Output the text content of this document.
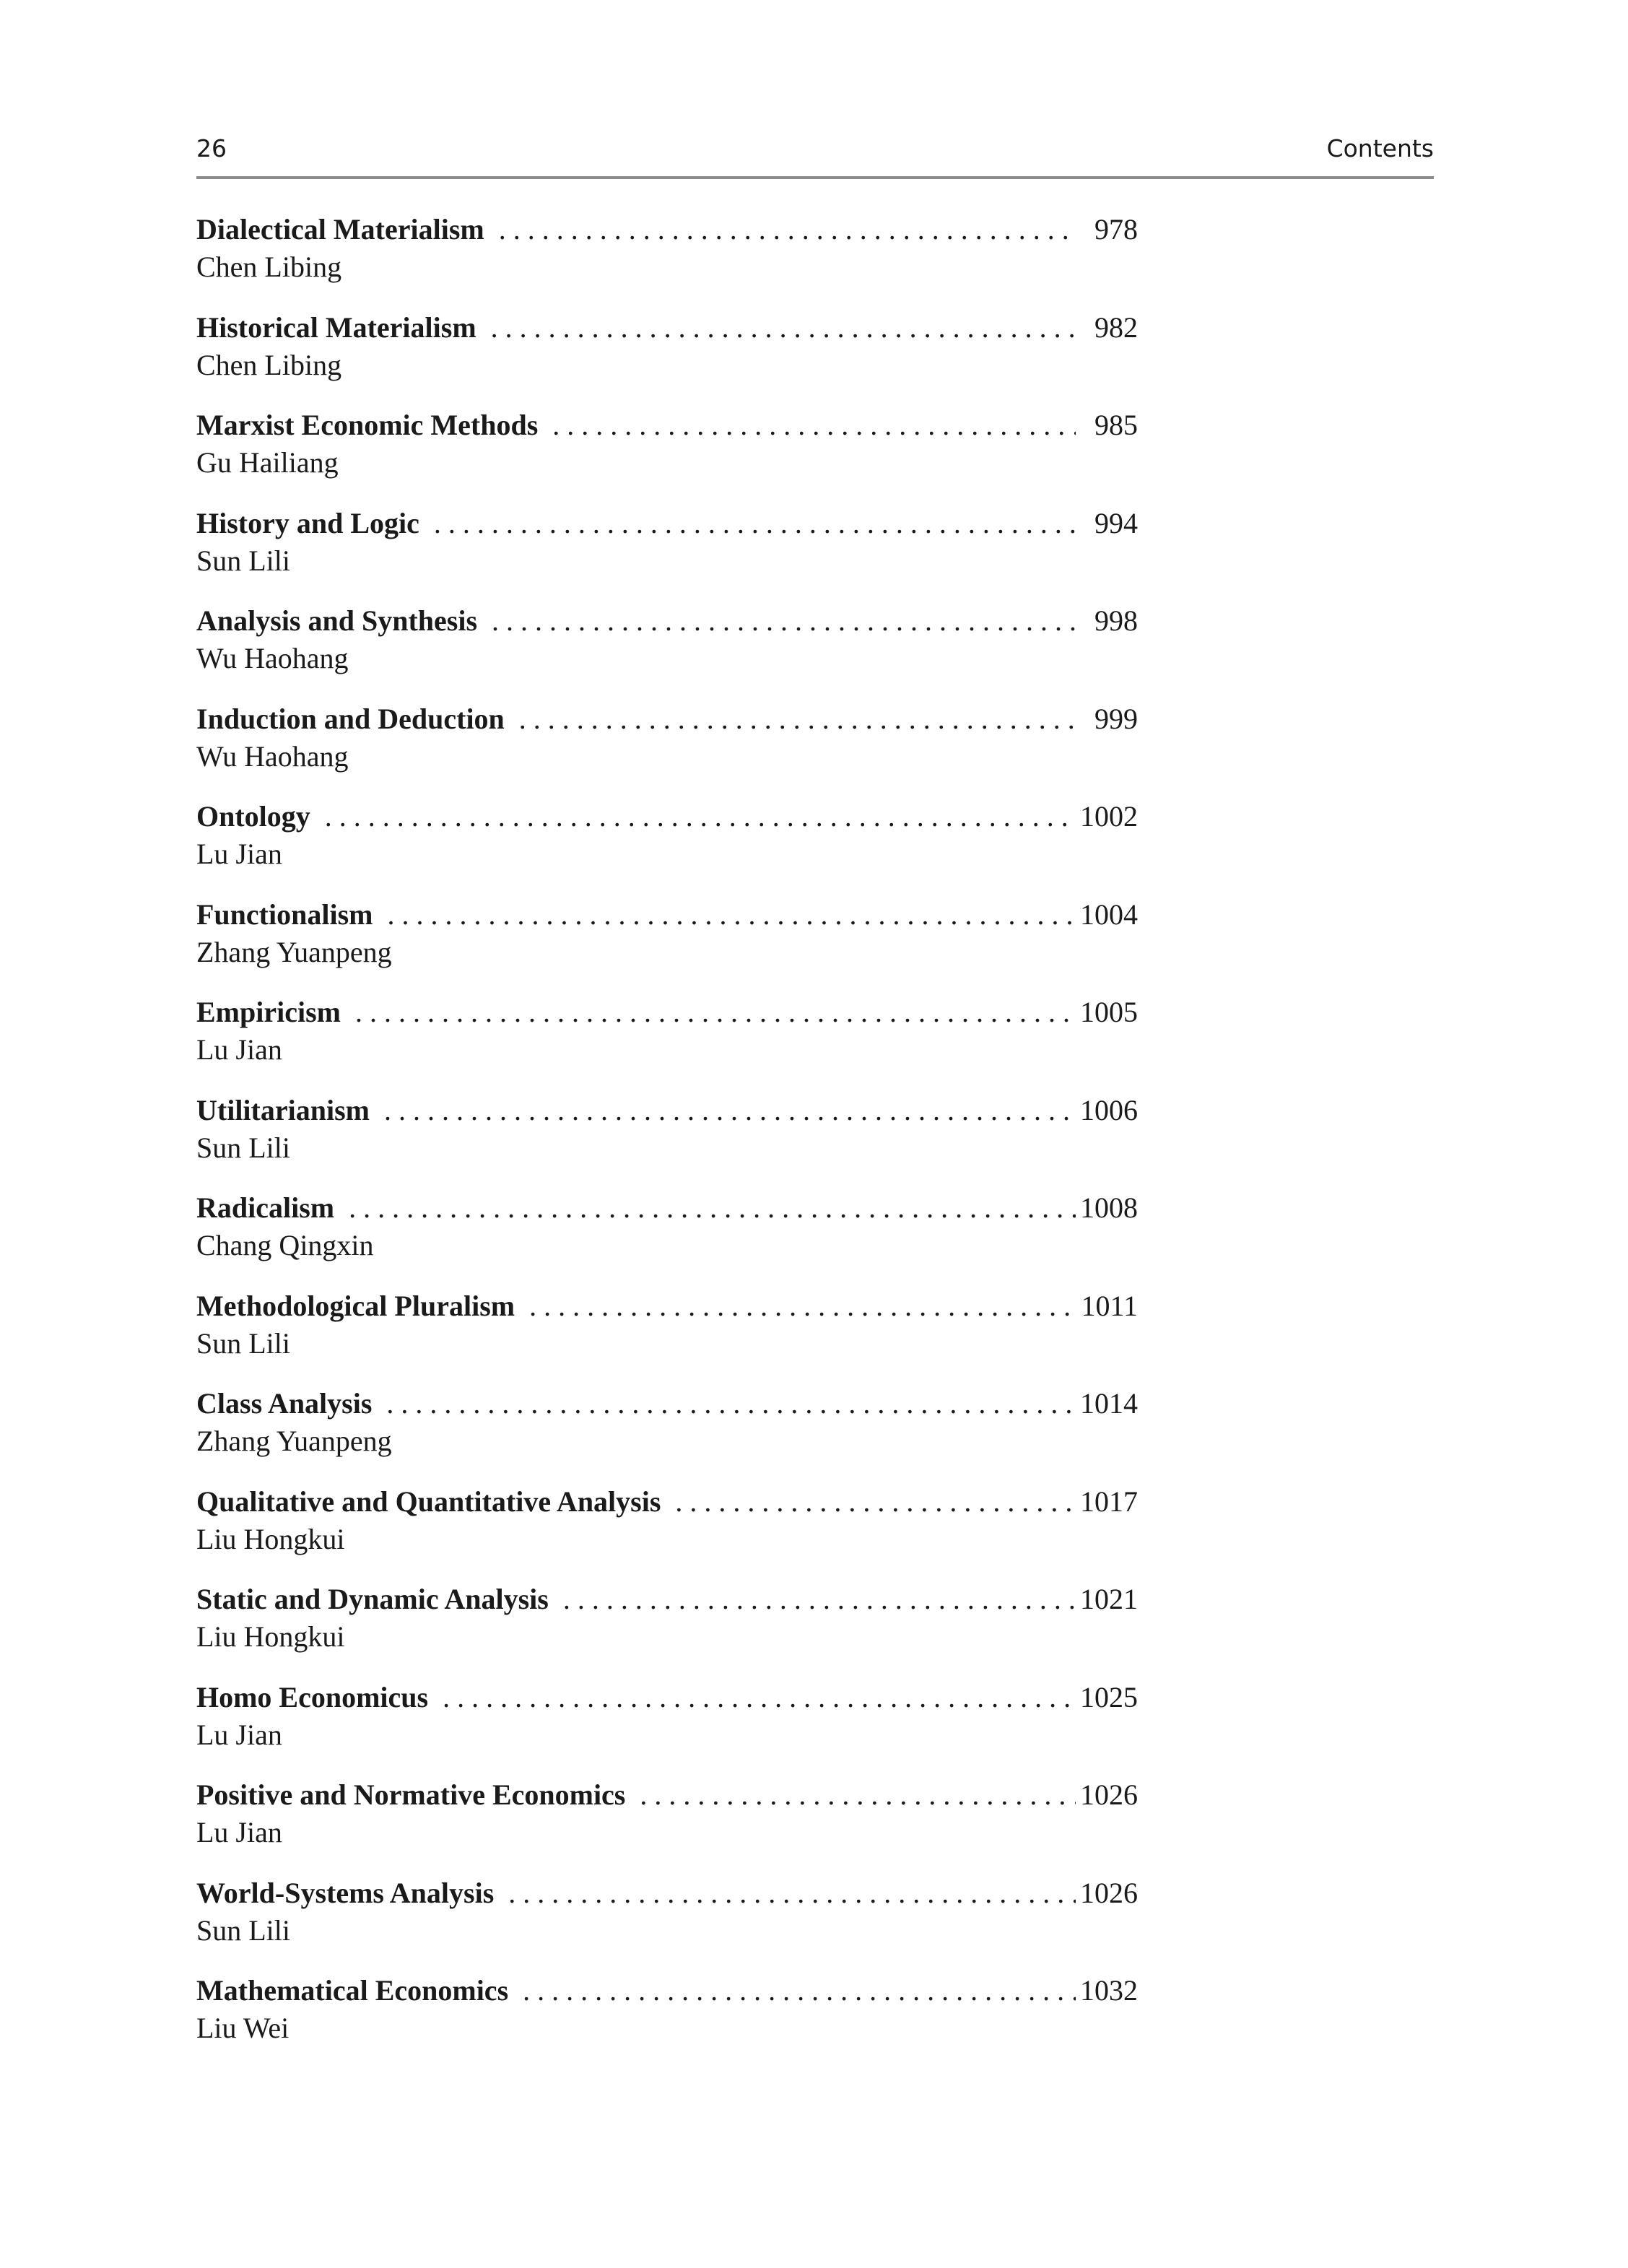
26	Contents
Dialectical Materialism . . .	978
Chen Libing
Historical Materialism . . .	982
Chen Libing
Marxist Economic Methods . . .	985
Gu Hailiang
History and Logic . . .	994
Sun Lili
Analysis and Synthesis . . .	998
Wu Haohang
Induction and Deduction . . .	999
Wu Haohang
Ontology . . .	1002
Lu Jian
Functionalism . . .	1004
Zhang Yuanpeng
Empiricism . . .	1005
Lu Jian
Utilitarianism . . .	1006
Sun Lili
Radicalism . . .	1008
Chang Qingxin
Methodological Pluralism . . .	1011
Sun Lili
Class Analysis . . .	1014
Zhang Yuanpeng
Qualitative and Quantitative Analysis . . .	1017
Liu Hongkui
Static and Dynamic Analysis . . .	1021
Liu Hongkui
Homo Economicus . . .	1025
Lu Jian
Positive and Normative Economics . . .	1026
Lu Jian
World-Systems Analysis . . .	1026
Sun Lili
Mathematical Economics . . .	1032
Liu Wei
